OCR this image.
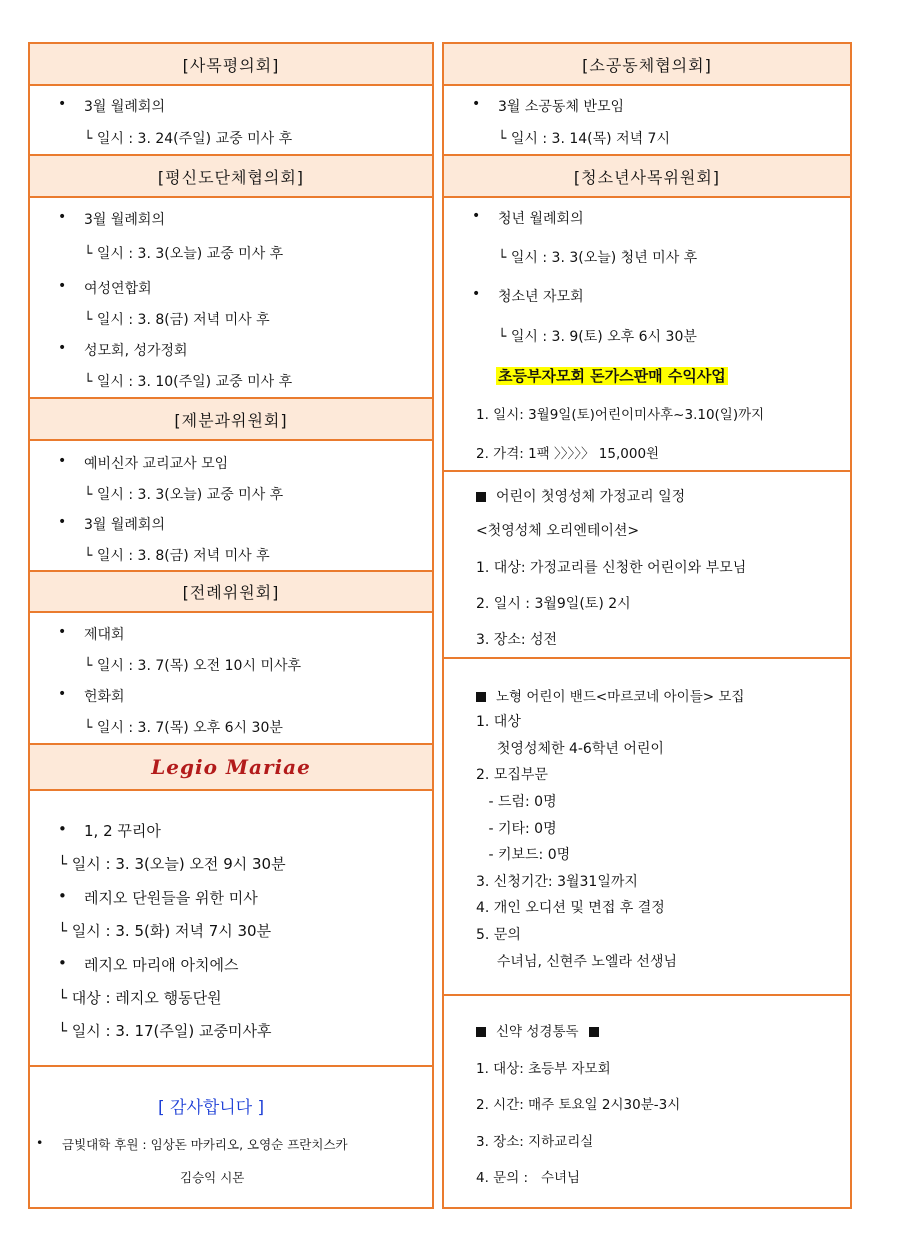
[사목평의회]
• 3월 월례회의
└ 일시 : 3. 24(주일) 교중 미사 후
[평신도단체협의회]
• 3월 월례회의
└ 일시 : 3. 3(오늘) 교중 미사 후
• 여성연합회
└ 일시 : 3. 8(금) 저녁 미사 후
• 성모회, 성가정회
└ 일시 : 3. 10(주일) 교중 미사 후
[제분과위원회]
• 예비신자 교리교사 모임
└ 일시 : 3. 3(오늘) 교중 미사 후
• 3월 월례회의
└ 일시 : 3. 8(금) 저녁 미사 후
[전례위원회]
• 제대회
└ 일시 : 3. 7(목) 오전 10시 미사후
• 헌화회
└ 일시 : 3. 7(목) 오후 6시 30분
Legio Mariae
• 1, 2 꾸리아
└ 일시 : 3. 3(오늘) 오전 9시 30분
• 레지오 단원들을 위한 미사
└ 일시 : 3. 5(화) 저녁 7시 30분
• 레지오 마리애 아치에스
└ 대상 : 레지오 행동단원
└ 일시 : 3. 17(주일) 교중미사후
[ 감사합니다 ]
• 금빛대학 후원 : 임상돈 마카리오, 오영순 프란치스카
김승익 시몬
[소공동체협의회]
• 3월 소공동체 반모임
└ 일시 : 3. 14(목) 저녁 7시
[청소년사목위원회]
• 청년 월례회의
└ 일시 : 3. 3(오늘) 청년 미사 후
• 청소년 자모회
└ 일시 : 3. 9(토) 오후 6시 30분
초등부자모회 돈가스판매 수익사업
1. 일시: 3월9일(토)어린이미사후~3.10(일)까지
2. 가격: 1팩 〉〉〉〉〉 15,000원
어린이 첫영성체 가정교리 일정
<첫영성체 오리엔테이션>
1. 대상: 가정교리를 신청한 어린이와 부모님
2. 일시 : 3월9일(토) 2시
3. 장소: 성전
노형 어린이 밴드<마르코네 아이들> 모집
1. 대상
첫영성체한 4-6학년 어린이
2. 모집부문
- 드럼: 0명
- 기타: 0명
- 키보드: 0명
3. 신청기간: 3월31일까지
4. 개인 오디션 및 면접 후 결정
5. 문의
수녀님, 신현주 노엘라 선생님
신약 성경통독
1. 대상: 초등부 자모회
2. 시간: 매주 토요일 2시30분-3시
3. 장소: 지하교리실
4. 문의 :   수녀님
